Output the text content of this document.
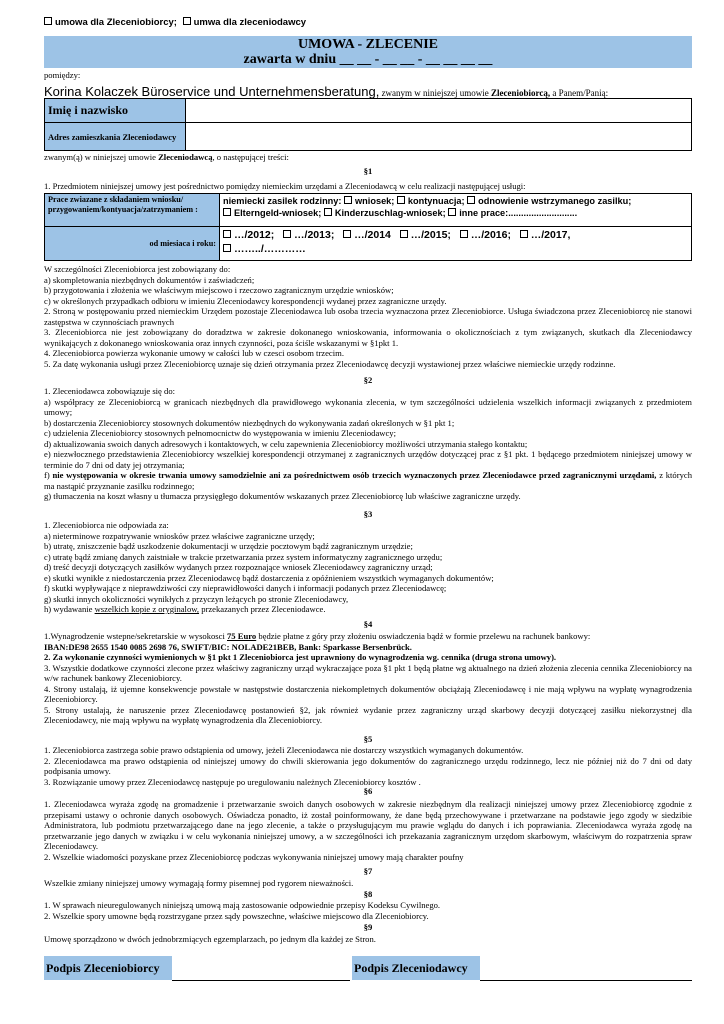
umowa dla Zleceniobiorcy; umwa dla zleceniodawcy
UMOWA - ZLECENIE
zawarta w dniu __ __ - __ __ - __ __ __ __
pomiędzy:
Korina Kolaczek Büroservice und Unternehmensberatung, zwanym w niniejszej umowie Zleceniobiorcą, a Panem/Panią:
Imię i nazwisko	
Adres zamieszkania Zleceniodawcy	
zwanym(ą) w niniejszej umowie Zleceniodawcą, o następującej treści:
§1
1. Przedmiotem niniejszej umowy jest pośrednictwo pomiędzy niemieckim urzędami a Zleceniodawcą w celu realizacji następującej usługi:
Prace zwiazane z składaniem wniosku/ przygowaniem/kontyuacja/zatrzymaniem :	niemiecki zasilek rodzinny: wniosek; kontynuacja; odnowienie wstrzymanego zasilku;
Elterngeld-wniosek; Kinderzuschlag-wniosek; inne prace:...........................
od miesiaca i roku:	…/2012; …/2013; …/2014 …/2015; …/2016; …/2017,
……../…………
W szczególności Zleceniobiorca jest zobowiązany do:
a) skompletowania niezbędnych dokumentów i zaświadczeń;
b) przygotowania i złożenia we właściwym miejscowo i rzeczowo zagranicznym urzędzie wniosków;
c) w określonych przypadkach odbioru w imieniu Zleceniodawcy korespondencji wydanej przez zagraniczne urzędy.
2. Stroną w postępowaniu przed niemieckim Urzędem pozostaje Zleceniodawca lub osoba trzecia wyznaczona przez Zleceniobiorce. Usługa świadczona przez Zleceniobiorcę nie stanowi zastępstwa w czynnościach prawnych
3. Zleceniobiorca nie jest zobowiązany do doradztwa w zakresie dokonanego wnioskowania, informowania o okolicznościach z tym związanych, skutkach dla Zleceniodawcy wynikających z dokonanego wnioskowania oraz innych czynności, poza ściśle wskazanymi w §1pkt 1.
4. Zleceniobiorca powierza wykonanie umowy w całości lub w czesci osobom trzecim.
5. Za datę wykonania usługi przez Zleceniobiorcę uznaje się dzień otrzymania przez Zleceniodawcę decyzji wystawionej przez właściwe niemieckie urzędy rodzinne.
§2
1. Zleceniodawca zobowiązuje się do:
a) współpracy ze Zleceniobiorcą w granicach niezbędnych dla prawidłowego wykonania zlecenia, w tym szczególności udzielenia wszelkich informacji związanych z przedmiotem umowy;
b) dostarczenia Zleceniobiorcy stosownych dokumentów niezbędnych do wykonywania zadań określonych w §1 pkt 1;
c) udzielenia Zleceniobiorcy stosownych pełnomocnictw do występowania w imieniu Zleceniodawcy;
d) aktualizowania swoich danych adresowych i kontaktowych, w celu zapewnienia Zleceniobiorcy możliwości utrzymania stałego kontaktu;
e) niezwłocznego przedstawienia Zleceniobiorcy wszelkiej korespondencji otrzymanej z zagranicznych urzędów dotyczącej prac z §1 pkt. 1 będącego przedmiotem niniejszej umowy w terminie do 7 dni od daty jej otrzymania;
f) nie występowania w okresie trwania umowy samodzielnie ani za pośrednictwem osób trzecich wyznaczonych przez Zleceniodawce przed zagranicznymi urzędami, z których ma nastąpić przyznanie zasilku rodzinnego;
g) tłumaczenia na koszt własny u tłumacza przysięgłego dokumentów wskazanych przez Zleceniobiorcę lub właściwe zagraniczne urzędy.
§3
1. Zleceniobiorca nie odpowiada za:
a) nieterminowe rozpatrywanie wniosków przez właściwe zagraniczne urzędy;
b) utratę, zniszczenie bądź uszkodzenie dokumentacji w urzędzie pocztowym bądź zagranicznym urzędzie;
c) utratę bądź zmianę danych zaistniałe w trakcie przetwarzania przez system informatyczny zagranicznego urzędu;
d) treść decyzji dotyczących zasiłków wydanych przez rozpoznające wniosek Zleceniodawcy zagraniczny urząd;
e) skutki wynikłe z niedostarczenia przez Zleceniodawcę bądź dostarczenia z opóźnieniem wszystkich wymaganych dokumentów;
f) skutki wypływające z nieprawdziwości czy nieprawidłowości danych i informacji podanych przez Zleceniodawcę;
g) skutki innych okoliczności wynikłych z przyczyn leżących po stronie Zleceniodawcy,
h) wydawanie wszelkich kopie z oryginalow, przekazanych przez Zleceniodawce.
§4
1.Wynagrodzenie wstepne/sekretarskie w wysokosci 75 Euro będzie płatne z góry przy złożeniu oswiadczenia bądź w formie przelewu na rachunek bankowy:
IBAN:DE98 2655 1540 0085 2698 76, SWIFT/BIC: NOLADE21BEB, Bank: Sparkasse Bersenbrück.
2. Za wykonanie czynności wymienionych w §1 pkt 1 Zleceniobiorca jest uprawniony do wynagrodzenia wg. cennika (druga strona umowy).
3. Wszystkie dodatkowe czynności zlecone przez właściwy zagraniczny urząd wykraczające poza §1 pkt 1 będą płatne wg aktualnego na dzień złożenia zlecenia cennika Zleceniobiorcy na w/w rachunek bankowy Zleceniobiorcy.
4. Strony ustalają, iż ujemne konsekwencje powstałe w następstwie dostarczenia niekompletnych dokumentów obciążają Zleceniodawcę i nie mają wpływu na wypłatę wynagrodzenia Zleceniobiorcy.
5. Strony ustalają, że naruszenie przez Zleceniodawcę postanowień §2, jak również wydanie przez zagraniczny urząd skarbowy decyzji dotyczącej zasiłku niekorzystnej dla Zleceniodawcy, nie mają wpływu na wypłatę wynagrodzenia dla Zleceniobiorcy.
§5
1. Zleceniobiorca zastrzega sobie prawo odstąpienia od umowy, jeżeli Zleceniodawca nie dostarczy wszystkich wymaganych dokumentów.
2. Zleceniodawca ma prawo odstąpienia od niniejszej umowy do chwili skierowania jego dokumentów do zagranicznego urzędu rodzinnego, lecz nie później niż do 7 dni od daty podpisania umowy.
3. Rozwiązanie umowy przez Zleceniodawcę następuje po uregulowaniu należnych Zleceniobiorcy kosztów .
§6
1. Zleceniodawca wyraża zgodę na gromadzenie i przetwarzanie swoich danych osobowych w zakresie niezbędnym dla realizacji niniejszej umowy przez Zleceniobiorcę zgodnie z przepisami ustawy o ochronie danych osobowych. Oświadcza ponadto, iż został poinformowany, że dane będą przechowywane i przetwarzane na podstawie jego zgody w siedzibie Administratora, lub podmiotu przetwarzającego dane na jego zlecenie, a także o przysługującym mu prawie wglądu do danych i ich poprawiania. Zleceniodawca wyraża zgodę na przetwarzanie jego danych w związku i w celu wykonania niniejszej umowy, a w szczególności ich przekazania zagranicznym urzędom skarbowym, właściwym do rozpatrzenia spraw Zleceniodawcy.
2. Wszelkie wiadomości pozyskane przez Zleceniobiorcę podczas wykonywania niniejszej umowy mają charakter poufny
§7
Wszelkie zmiany niniejszej umowy wymagają formy pisemnej pod rygorem nieważności.
§8
1. W sprawach nieuregulowanych niniejszą umową mają zastosowanie odpowiednie przepisy Kodeksu Cywilnego.
2. Wszelkie spory umowne będą rozstrzygane przez sądy powszechne, właściwe miejscowo dla Zleceniobiorcy.
§9
Umowę sporządzono w dwóch jednobrzmiących egzemplarzach, po jednym dla każdej ze Stron.
Podpis Zleceniobiorcy	Podpis Zleceniodawcy
